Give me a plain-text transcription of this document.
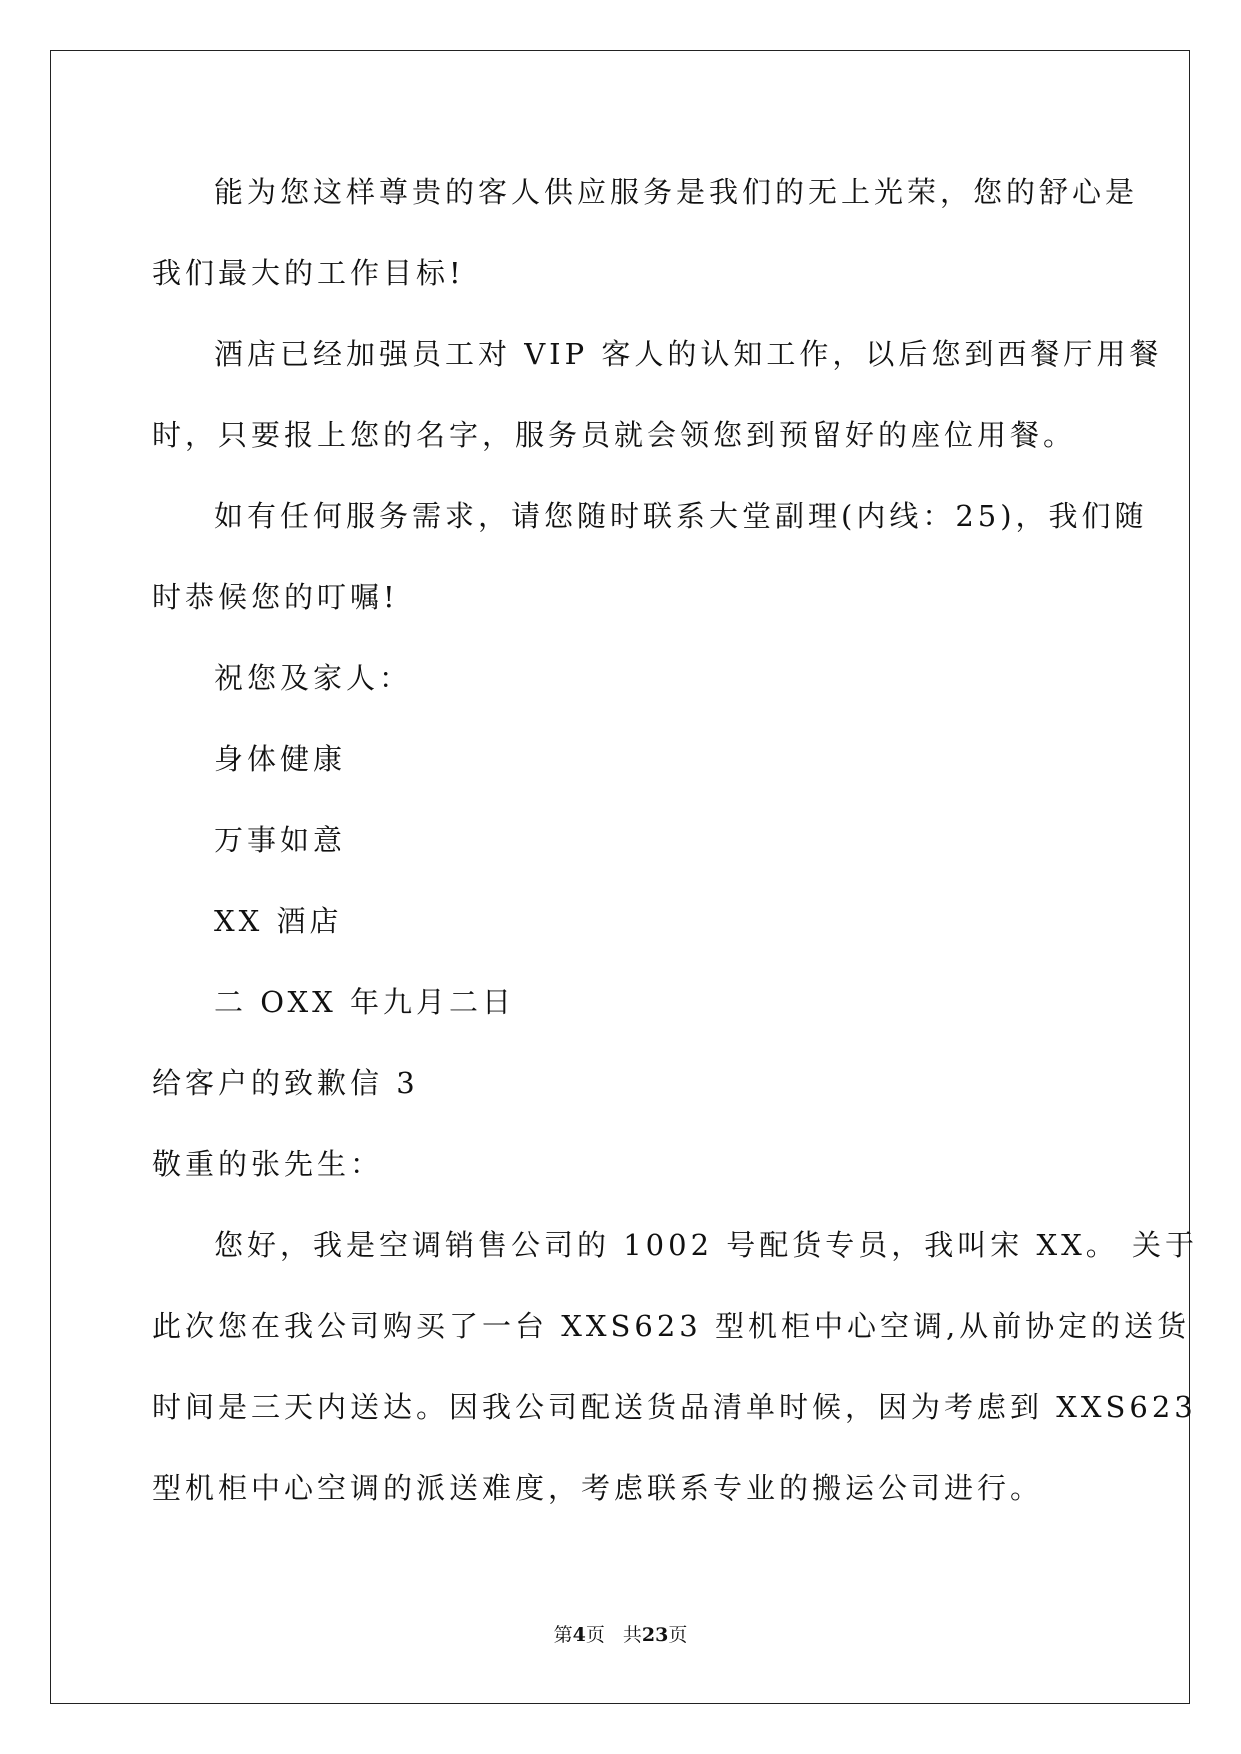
能为您这样尊贵的客人供应服务是我们的无上光荣，您的舒心是
我们最大的工作目标!
酒店已经加强员工对 VIP 客人的认知工作，以后您到西餐厅用餐
时，只要报上您的名字，服务员就会领您到预留好的座位用餐。
如有任何服务需求，请您随时联系大堂副理(内线：25)，我们随
时恭候您的叮嘱!
祝您及家人：
身体健康
万事如意
XX 酒店
二 OXX 年九月二日
给客户的致歉信 3
敬重的张先生：
您好，我是空调销售公司的 1002 号配货专员，我叫宋 XX。 关于
此次您在我公司购买了一台 XXS623 型机柜中心空调,从前协定的送货
时间是三天内送达。因我公司配送货品清单时候，因为考虑到 XXS623
型机柜中心空调的派送难度，考虑联系专业的搬运公司进行。
第4页 共23页
